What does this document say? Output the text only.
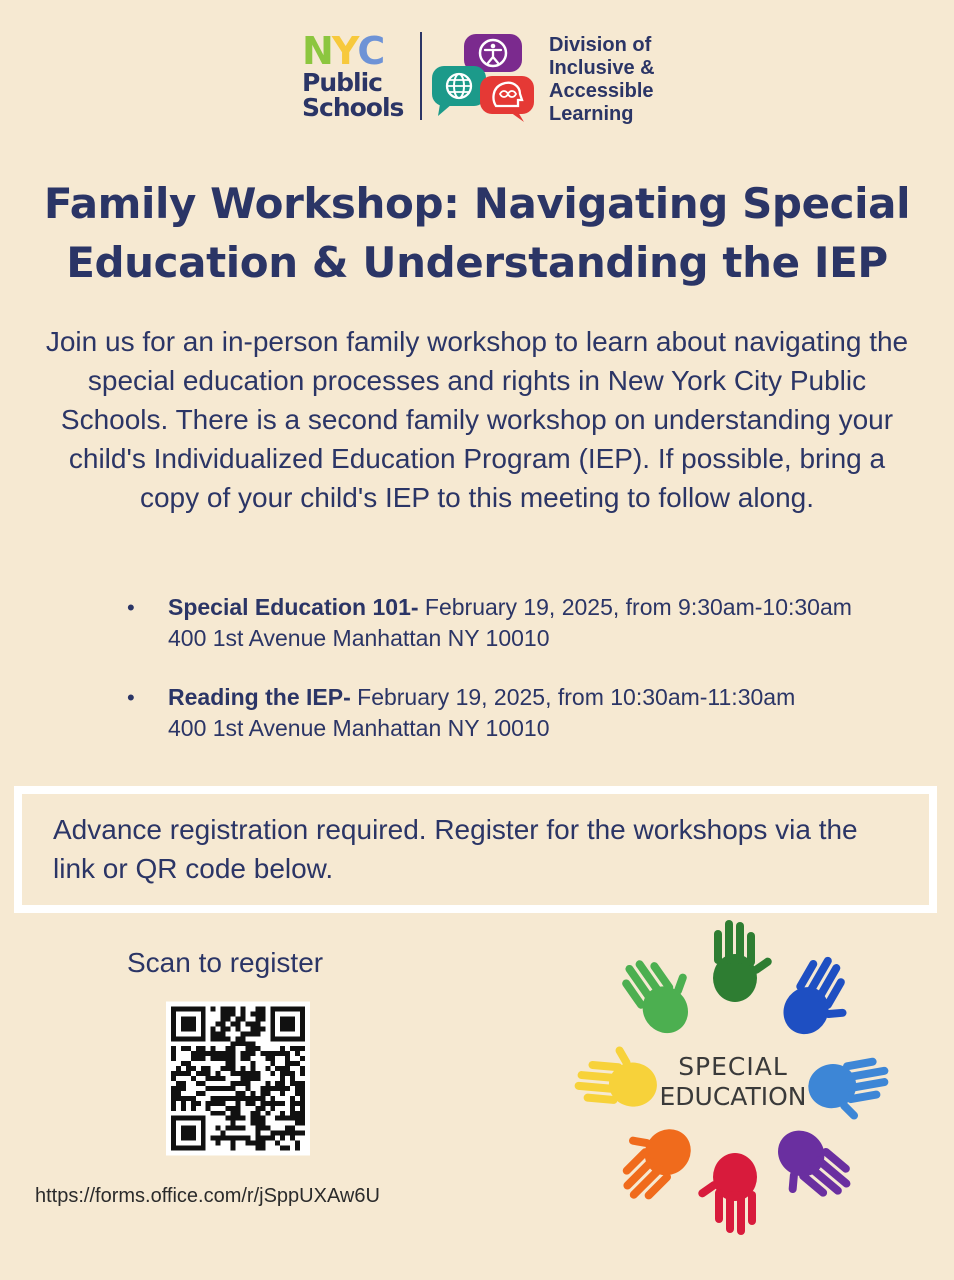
NYC
Public
Schools
Division of
Inclusive &
Accessible
Learning
Family Workshop: Navigating Special
Education & Understanding the IEP

Join us for an in-person family workshop to learn about navigating the special education processes and rights in New York City Public Schools. There is a second family workshop on understanding your child's Individualized Education Program (IEP). If possible, bring a copy of your child's IEP to this meeting to follow along.

• Special Education 101- February 19, 2025, from 9:30am-10:30am
400 1st Avenue Manhattan NY 10010
• Reading the IEP- February 19, 2025, from 10:30am-11:30am
400 1st Avenue Manhattan NY 10010

Advance registration required. Register for the workshops via the link or QR code below.

Scan to register
https://forms.office.com/r/jSppUXAw6U
SPECIAL
EDUCATION
